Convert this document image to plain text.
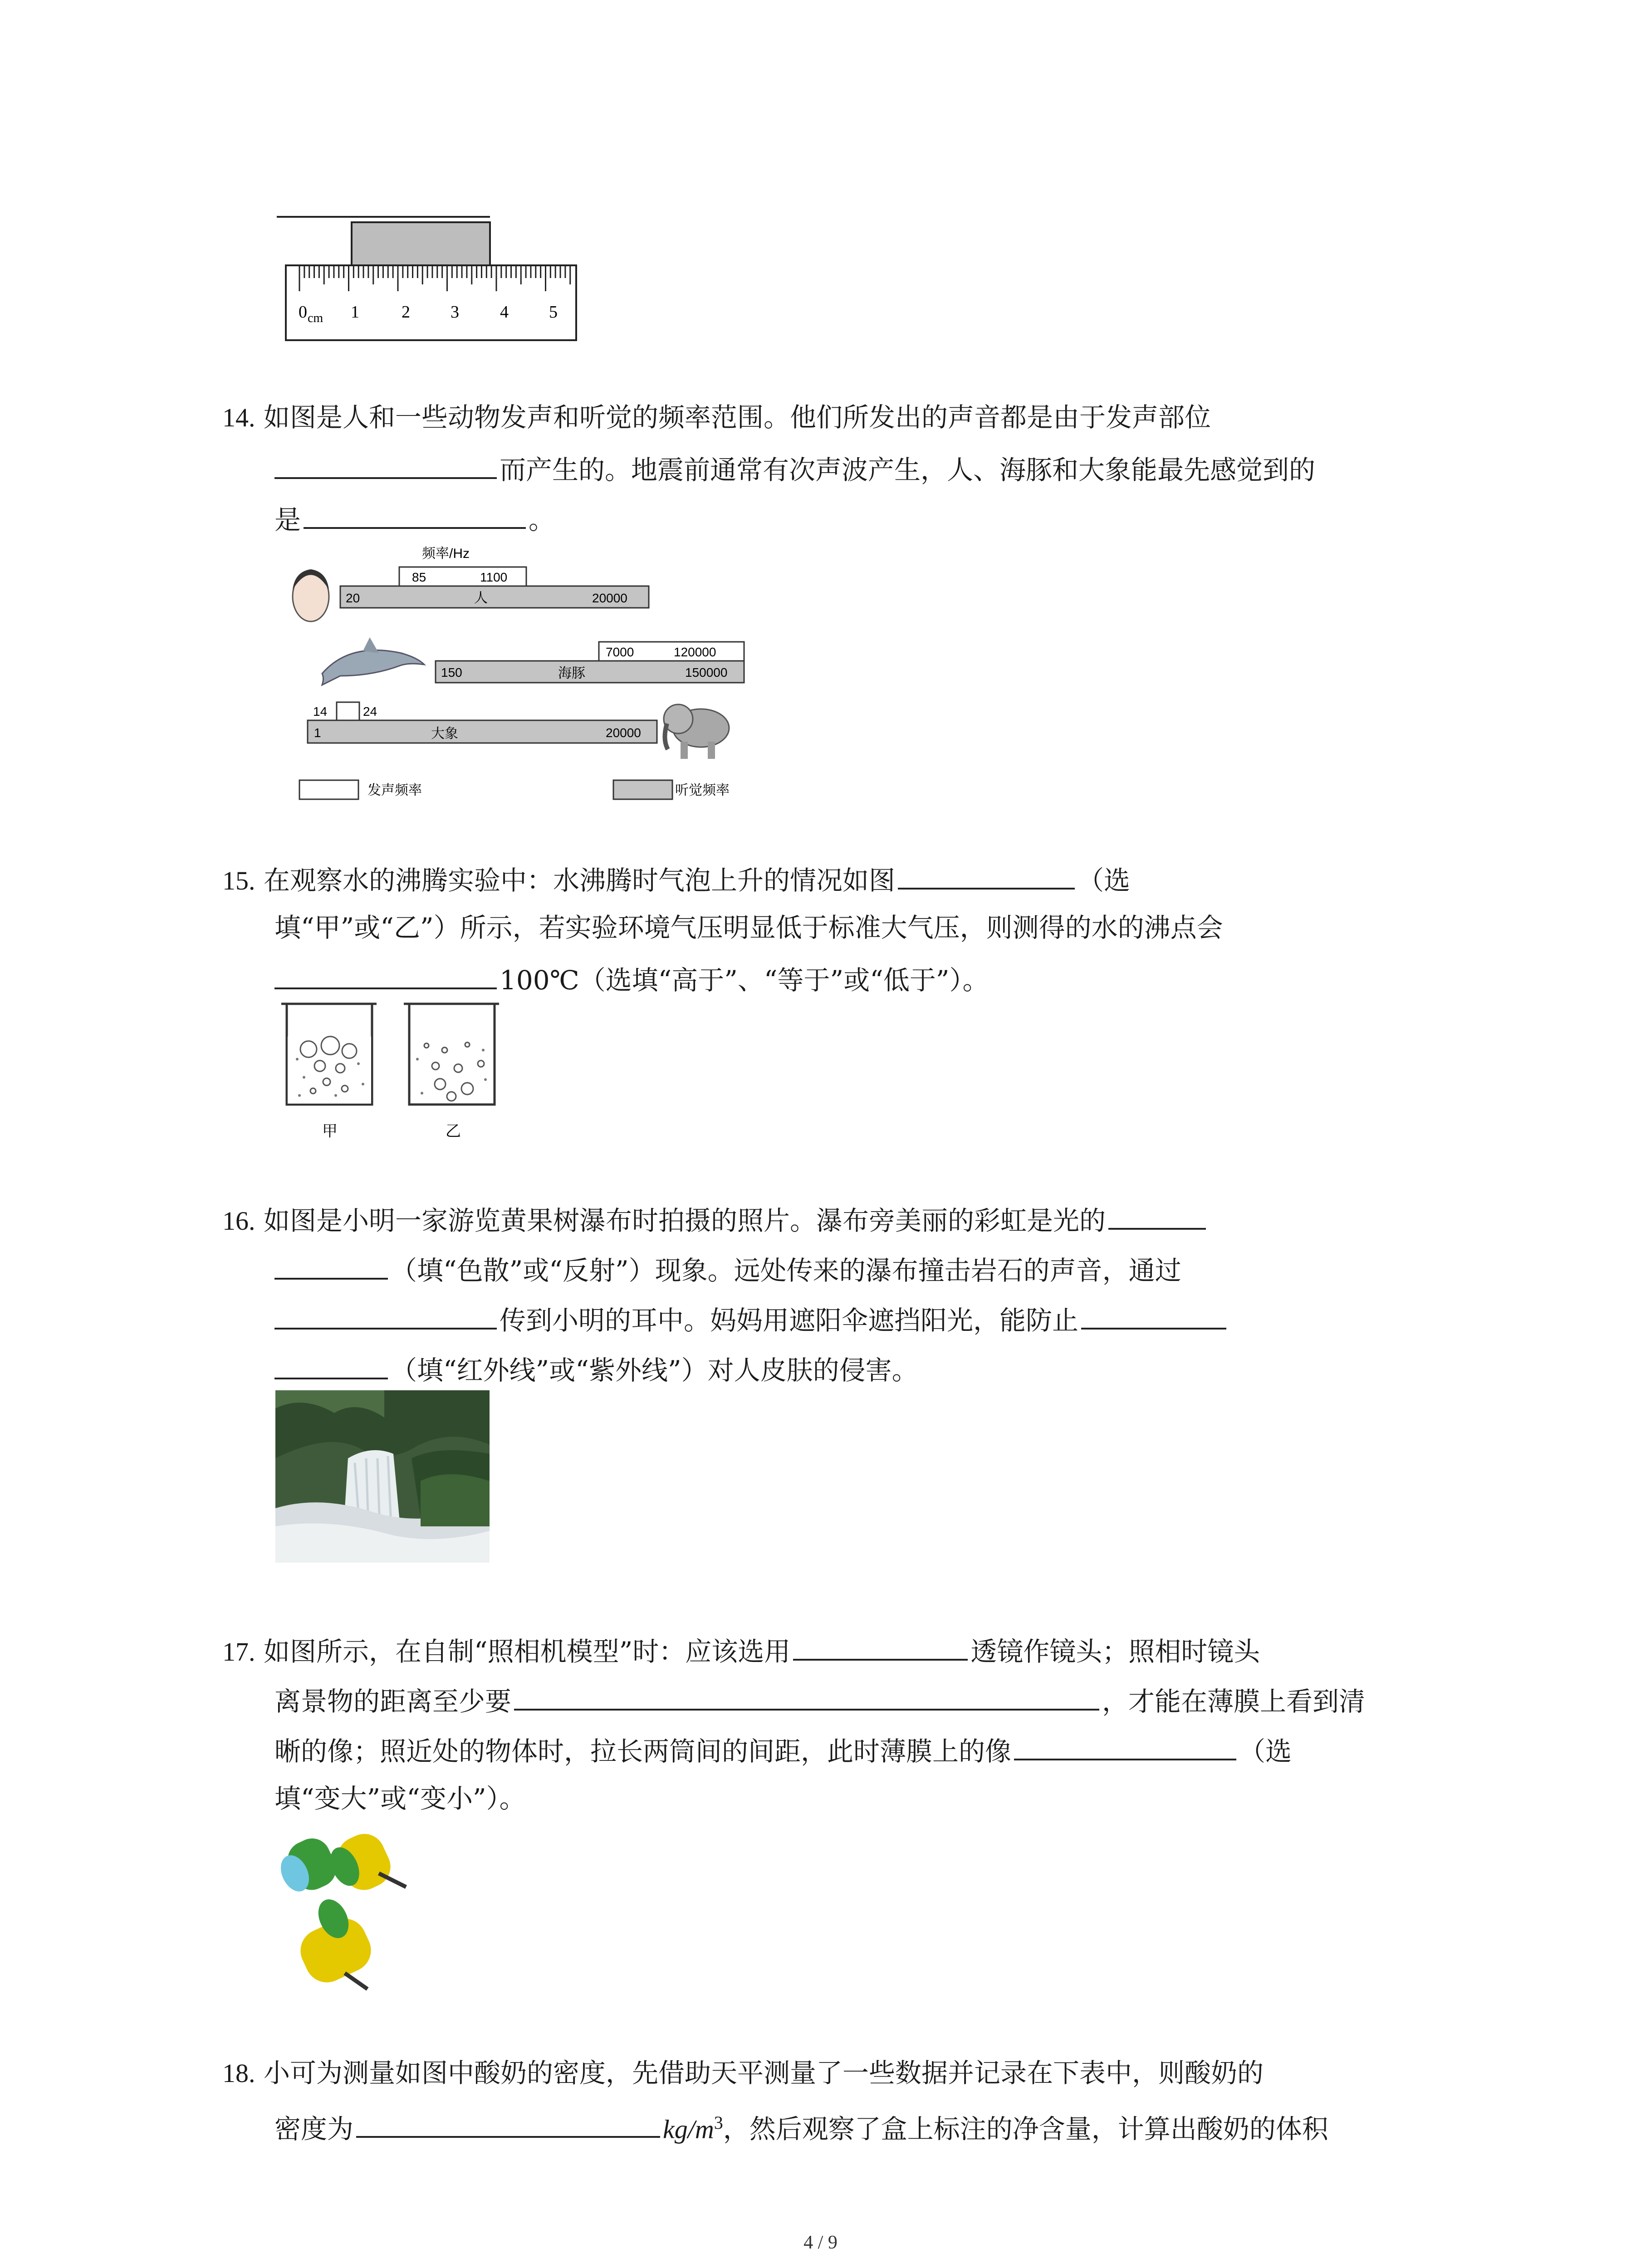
0 cm 1 2 3 4 5
14. 如图是人和一些动物发声和听觉的频率范围。他们所发出的声音都是由于发声部位
而产生的。地震前通常有次声波产生，人、海豚和大象能最先感觉到的
是	。
频率/Hz
85	1100
20	人	20000
7000	120000
150	海豚	150000
14	24
1	大象	20000
发声频率	听觉频率
15. 在观察水的沸腾实验中：水沸腾时气泡上升的情况如图	（选
填“甲”或“乙”）所示，若实验环境气压明显低于标准大气压，则测得的水的沸点会
100℃（选填“高于”、“等于”或“低于”）。
甲	乙
16. 如图是小明一家游览黄果树瀑布时拍摄的照片。瀑布旁美丽的彩虹是光的
（填“色散”或“反射”）现象。远处传来的瀑布撞击岩石的声音，通过
传到小明的耳中。妈妈用遮阳伞遮挡阳光，能防止
（填“红外线”或“紫外线”）对人皮肤的侵害。
17. 如图所示，在自制“照相机模型”时：应该选用	透镜作镜头；照相时镜头
离景物的距离至少要	，才能在薄膜上看到清
晰的像；照近处的物体时，拉长两筒间的间距，此时薄膜上的像	（选
填“变大”或“变小”）。
18. 小可为测量如图中酸奶的密度，先借助天平测量了一些数据并记录在下表中，则酸奶的
密度为	$kg/m^3$，然后观察了盒上标注的净含量，计算出酸奶的体积
4 / 9
